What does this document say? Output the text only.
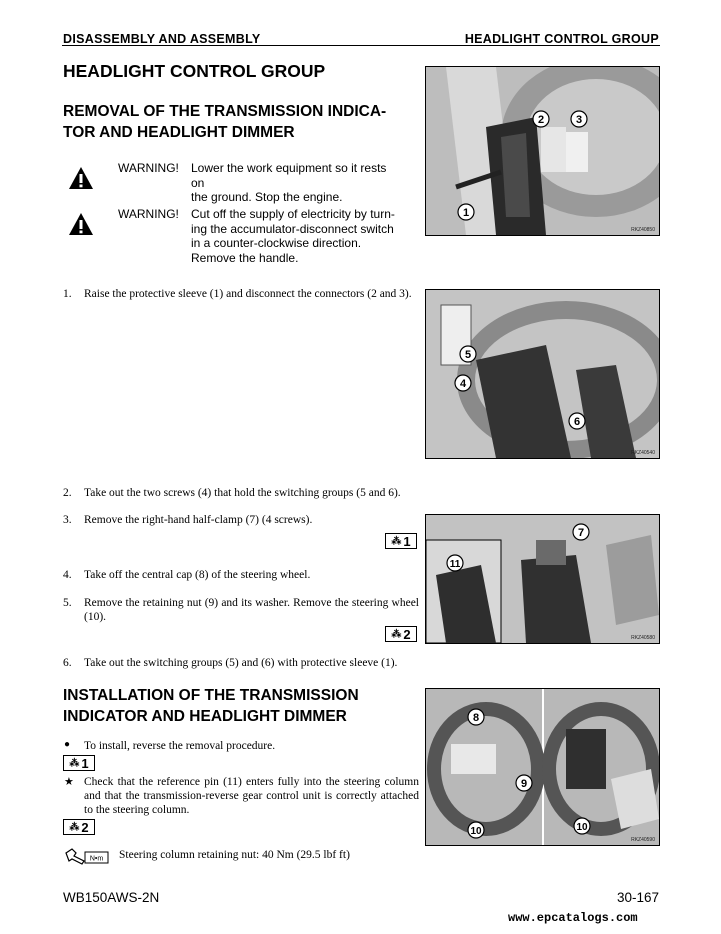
DISASSEMBLY AND ASSEMBLY	HEADLIGHT CONTROL GROUP
HEADLIGHT CONTROL GROUP
REMOVAL OF THE TRANSMISSION INDICA-
TOR AND HEADLIGHT DIMMER
WARNING! Lower the work equipment so it rests on
the ground. Stop the engine.
WARNING! Cut off the supply of electricity by turn-
ing the accumulator-disconnect switch
in a counter-clockwise direction.
Remove the handle.
1
2	3
RKZ40850
1. Raise the protective sleeve (1) and disconnect the connectors (2 and 3).
5
4
6
RKZ40540
2. Take out the two screws (4) that hold the switching groups (5 and 6).
3. Remove the right-hand half-clamp (7) (4 screws).
⁂ 1
11
7
RKZ40580
4. Take off the central cap (8) of the steering wheel.
5. Remove the retaining nut (9) and its washer. Remove the steering wheel (10).
⁂ 2
6. Take out the switching groups (5) and (6) with protective sleeve (1).
INSTALLATION OF THE TRANSMISSION
INDICATOR AND HEADLIGHT DIMMER
● To install, reverse the removal procedure.
⁂ 1
★ Check that the reference pin (11) enters fully into the steering column and that the transmission-reverse gear control unit is correctly attached to the steering column.
⁂ 2
N•m Steering column retaining nut: 40 Nm (29.5 lbf ft)
8
9
10	10
RKZ40590
WB150AWS-2N	30-167
www.epcatalogs.com
